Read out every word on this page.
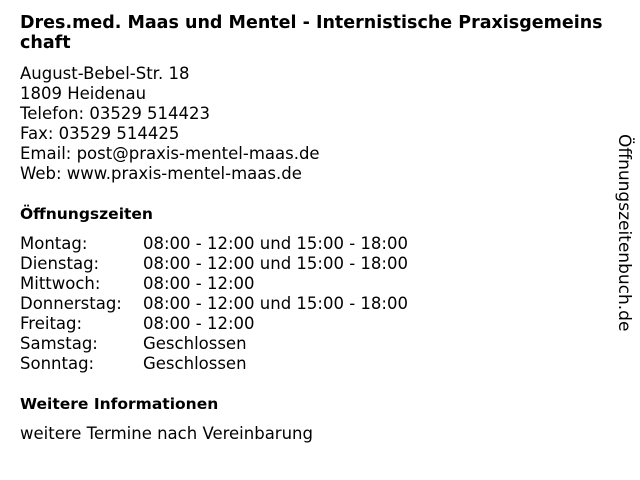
Dres.med. Maas und Mentel - Internistische Praxisgemeinschaft
August-Bebel-Str. 18
1809 Heidenau
Telefon: 03529 514423
Fax: 03529 514425
Email: post@praxis-mentel-maas.de
Web: www.praxis-mentel-maas.de
Öffnungszeiten
Montag:	08:00 - 12:00 und 15:00 - 18:00
Dienstag:	08:00 - 12:00 und 15:00 - 18:00
Mittwoch:	08:00 - 12:00
Donnerstag:	08:00 - 12:00 und 15:00 - 18:00
Freitag:	08:00 - 12:00
Samstag:	Geschlossen
Sonntag:	Geschlossen
Weitere Informationen
weitere Termine nach Vereinbarung
Öffnungszeitenbuch.de
